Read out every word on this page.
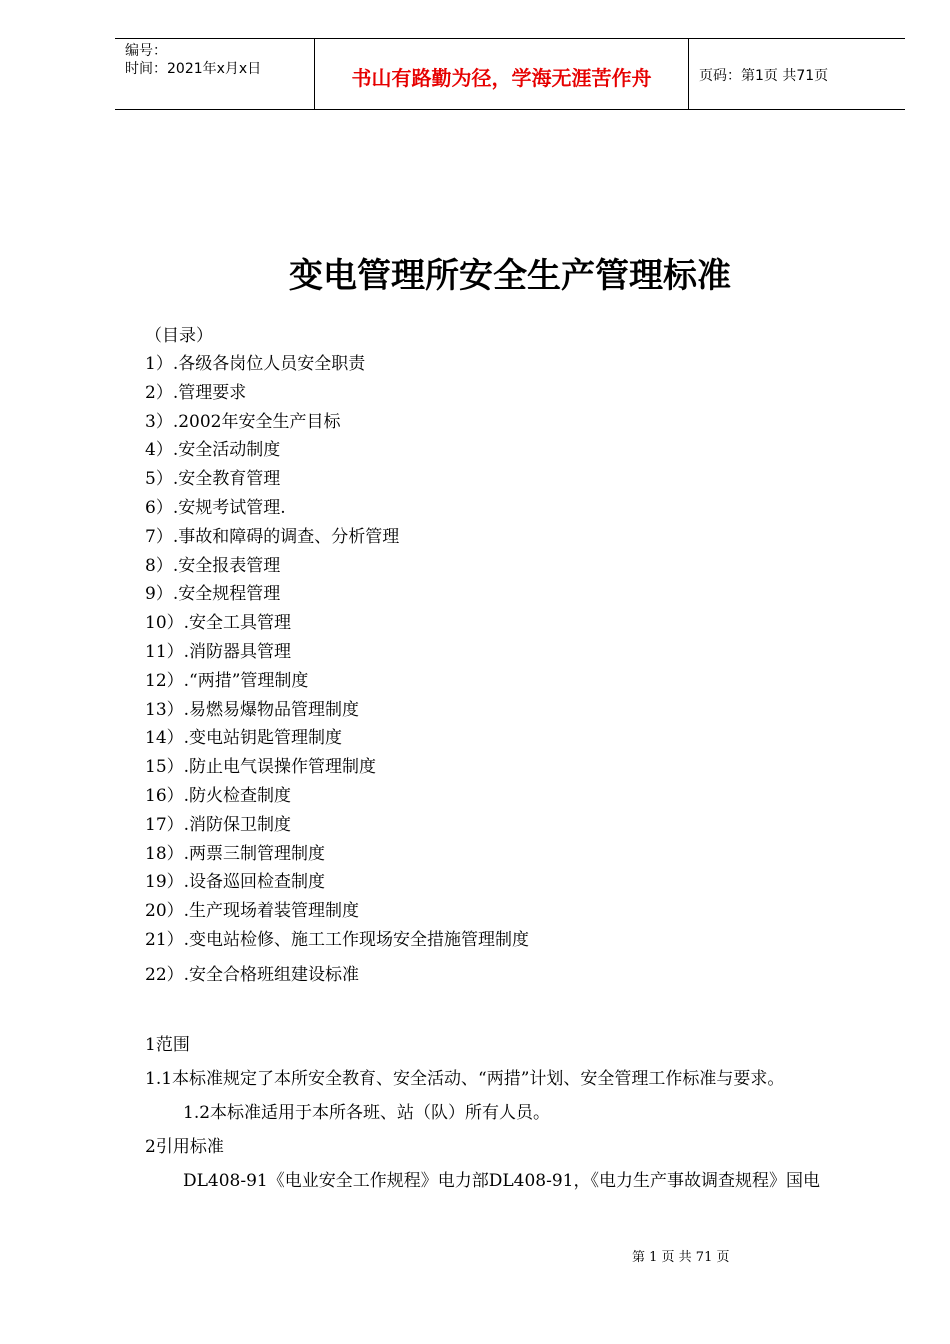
编号：
时间：2021年x月x日	书山有路勤为径，学海无涯苦作舟	页码：第1页 共71页
变电管理所安全生产管理标准
（目录）
1）.各级各岗位人员安全职责
2）.管理要求
3）.2002年安全生产目标
4）.安全活动制度
5）.安全教育管理
6）.安规考试管理.
7）.事故和障碍的调查、分析管理
8）.安全报表管理
9）.安全规程管理
10）.安全工具管理
11）.消防器具管理
12）.“两措”管理制度
13）.易燃易爆物品管理制度
14）.变电站钥匙管理制度
15）.防止电气误操作管理制度
16）.防火检查制度
17）.消防保卫制度
18）.两票三制管理制度
19）.设备巡回检查制度
20）.生产现场着装管理制度
21）.变电站检修、施工工作现场安全措施管理制度
22）.安全合格班组建设标准

1范围

1.1本标准规定了本所安全教育、安全活动、“两措”计划、安全管理工作标准与要求。

1.2本标准适用于本所各班、站（队）所有人员。

2引用标准

DL408-91《电业安全工作规程》电力部DL408-91，《电力生产事故调查规程》国电

第 1 页 共 71 页
